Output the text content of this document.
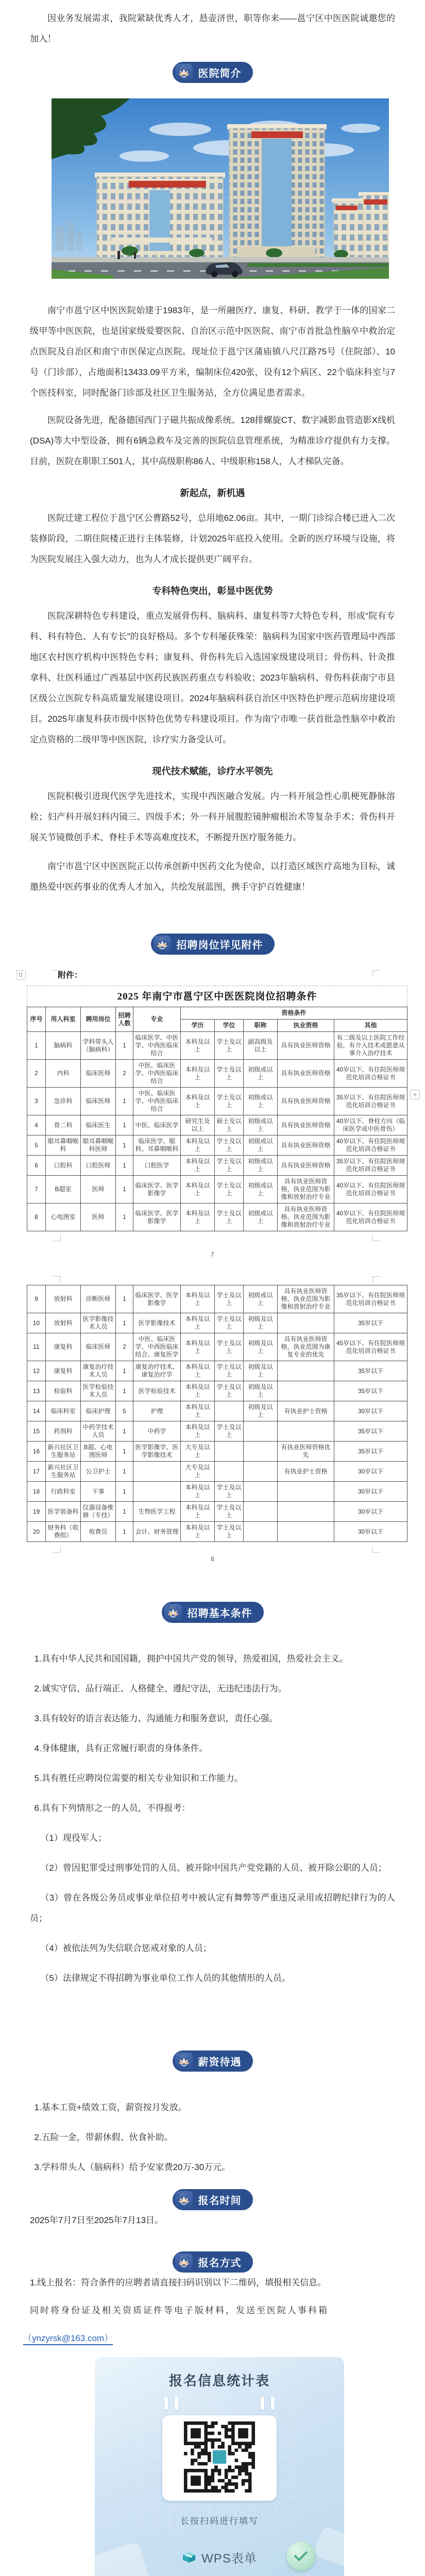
因业务发展需求，我院紧缺优秀人才，悬壶济世，职等你来——邕宁区中医医院诚邀您的加入！

医院简介

南宁市邕宁区中医医院始建于1983年，是一所融医疗、康复、科研、教学于一体的国家二级甲等中医医院，也是国家级爱婴医院、自治区示范中医医院、南宁市首批急性脑卒中救治定点医院及自治区和南宁市医保定点医院。现址位于邕宁区蒲庙镇八尺江路75号（住院部）、10号（门诊部），占地面积13433.09平方米，编制床位420张，设有12个病区、22个临床科室与7个医技科室，同时配备门诊部及社区卫生服务站，全方位满足患者需求。

医院设备先进，配备德国西门子磁共振成像系统、128排螺旋CT、数字减影血管造影X线机 (DSA)等大中型设备，拥有6辆急救车及完善的医院信息管理系统，为精准诊疗提供有力支撑。目前，医院在职职工501人，其中高级职称86人、中级职称158人，人才梯队完备。

新起点，新机遇

医院迁建工程位于邕宁区公曹路52号，总用地62.06亩。其中，一期门诊综合楼已进入二次装修阶段，二期住院楼正进行主体装修，计划2025年底投入使用。全新的医疗环境与设施，将为医院发展注入强大动力，也为人才成长提供更广阔平台。

专科特色突出，彰显中医优势

医院深耕特色专科建设，重点发展骨伤科、脑病科、康复科等7大特色专科，形成“院有专科、科有特色、人有专长”的良好格局。多个专科屡获殊荣：脑病科为国家中医药管理局中西部地区农村医疗机构中医特色专科；康复科、骨伤科先后入选国家级建设项目；骨伤科、针灸推拿科、壮医科通过广西基层中医药民族医药重点专科验收；2023年脑病科、骨伤科获南宁市县区级公立医院专科高质量发展建设项目。2024年脑病科获自治区中医特色护理示范病房建设项目。2025年康复科获市级中医特色优势专科建设项目。作为南宁市唯一获首批急性脑卒中救治定点资格的二级甲等中医医院，诊疗实力备受认可。

现代技术赋能，诊疗水平领先

医院积极引进现代医学先进技术，实现中西医融合发展。内一科开展急性心肌梗死静脉溶栓；妇产科开展妇科内镜三、四级手术；外一科开展腹腔镜肿瘤根治术等复杂手术；骨伤科开展关节镜微创手术、脊柱手术等高难度技术，不断提升医疗服务能力。

南宁市邕宁区中医医院正以传承创新中医药文化为使命，以打造区域医疗高地为目标，诚邀热爱中医药事业的优秀人才加入，共绘发展蓝图，携手守护百姓健康！

招聘岗位详见附件
附件：
+
2025 年南宁市邕宁区中医医院岗位招聘条件									
序号	用人科室	聘用岗位	招聘人数	专业	资格条件				
					学历	学位	职称	执业资格	其他
1	脑病科	学科带头人（脑病科）	1	临床医学、中医学、中西医临床结合	本科及以上	学士及以上	副高级及以上	具有执业医师资格	有二级及以上医院工作经验，有介入技术或愿意从事介入治疗技术
2	内科	临床医师	2	中医、临床医学、中西医临床结合	本科及以上	学士及以上	初级或以上	具有执业医师资格	40岁以下、有住院医师规范化培训合格证书
3	急诊科	临床医师	1	中医、临床医学、中西医临床结合	本科及以上	学士及以上	初级或以上	具有执业医师资格	35岁以下、有住院医师规范化培训合格证书
4	骨二科	临床医生	1	中医、临床医学	研究生及以上	硕士及以上	初级或以上	具有执业医师资格	40岁以下、脊柱方向（临床医学或中医骨伤）
5	眼耳鼻咽喉科	眼耳鼻咽喉科医师	1	临床医学、眼科、耳鼻咽喉科	本科及以上	学士及以上	初级或以上	具有执业医师资格	40岁以下、有住院医师规范化培训合格证书
6	口腔科	口腔医师	1	口腔医学	本科及以上	学士及以上	初级或以上	具有执业医师资格	35岁以下、有住院医师规范化培训合格证书
7	B超室	医师	1	临床医学、医学影像学	本科及以上	学士及以上	初级或以上	具有执业医师资格，执业范围为影像和放射治疗专业	40岁以下、有住院医师规范化培训合格证书
8	心电图室	医师	1	临床医学、医学影像学	本科及以上	学士及以上	初级或以上	具有执业医师资格，执业范围为影像和放射治疗专业	40岁以下、有住院医师规范化培训合格证书
7
9	放射科	诊断医师	1	临床医学、医学影像学	本科及以上	学士及以上	初级或以上	具有执业医师资格，执业范围为影像和放射治疗专业	35岁以下、有住院医师规范化培训合格证书
10	放射科	医学影像技术人员	1	医学影像技术	本科及以上	学士及以上	初级及以上		35岁以下
11	康复科	临床医师	2	中医、临床医学、中西医临床结合、康复医学	本科及以上	学士及以上	初级及以上	具有执业医师资格，执业范围为康复专业的优先	45岁以下、有住院医师规范化培训合格证书
12	康复科	康复治疗技术人员	1	康复治疗技术、康复治疗学	本科及以上	学士及以上	初级及以上		35岁以下
13	检验科	医学检验技术人员	1	医学检验技术	本科及以上	学士及以上	初级及以上		35岁以下
14	临床科室	临床护理	5	护理	本科及以上		初级及以上	有执业护士资格	30岁以下
15	药剂科	中药学技术人员	1	中药学	本科及以上	学士及以上			35岁以下
16	新兴社区卫生服务站	B超、心电图医师	1	医学影像学、医学影像技术	大专及以上			有执业医师资格优先	35岁以下
17	新兴社区卫生服务站	公卫护士	1		大专及以上			有执业护士资格	30岁以下
18	行政科室	干事	1		本科及以上	学士及以上			30岁以下
19	医学装备科	仪器设备维修（专技）	1	生物医学工程	本科及以上	学士及以上			30岁以下
20	财务科（收费组）	收费员	1	会计、财务管理	本科及以上	学士及以上			30岁以下
8
招聘基本条件

1.具有中华人民共和国国籍，拥护中国共产党的领导，热爱祖国，热爱社会主义。

2.诚实守信、品行端正、人格健全、遵纪守法，无违纪违法行为。

3.具有较好的语言表达能力、沟通能力和服务意识，责任心强。

4.身体健康，具有正常履行职责的身体条件。

5.具有胜任应聘岗位需要的相关专业知识和工作能力。

6.具有下列情形之一的人员，不得报考：

（1）现役军人；

（2）曾因犯罪受过刑事处罚的人员、被开除中国共产党党籍的人员、被开除公职的人员；

（3）曾在各级公务员或事业单位招考中被认定有舞弊等严重违反录用或招聘纪律行为的人员；

（4）被依法列为失信联合惩戒对象的人员；

（5）法律规定不得招聘为事业单位工作人员的其他情形的人员。

薪资待遇

1.基本工资+绩效工资，薪资按月发放。

2.五险一金，带薪休假、伙食补助。

3.学科带头人（脑病科）给予安家费20万-30万元。

报名时间

2025年7月7日至2025年7月13日。

报名方式

1.线上报名：符合条件的应聘者请直接扫码识别以下二维码，填报相关信息。

同时将身份证及相关资质证件等电子版材料，发送至医院人事科箱

（ynzyrsk@163.com）

报名信息统计表
长按扫码进行填写
WPS表单
